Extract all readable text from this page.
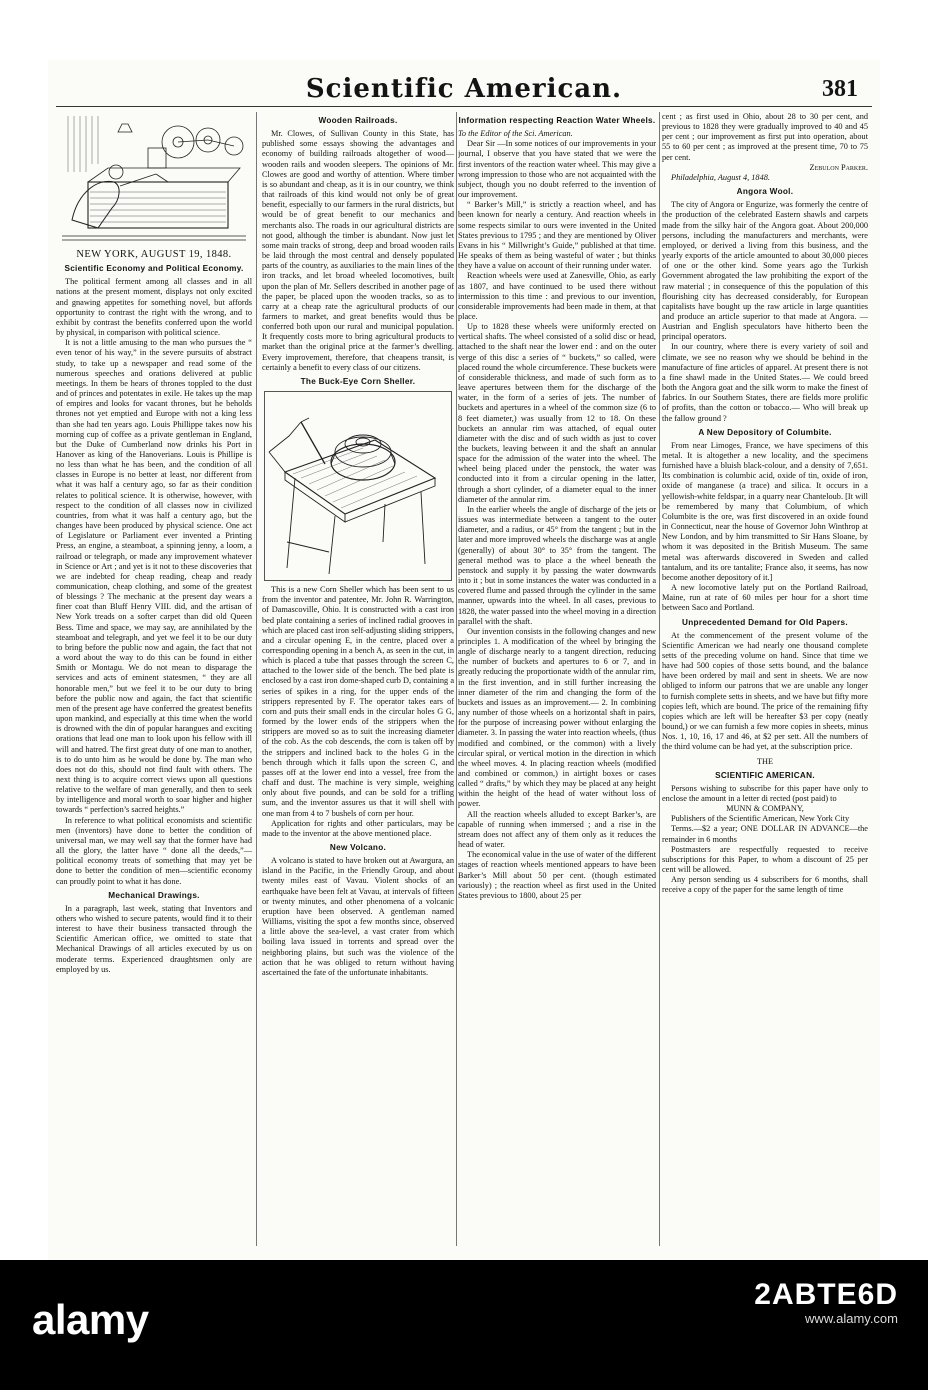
Scientific American.	381
NEW YORK, AUGUST 19, 1848.
Scientific Economy and Political Economy.

The political ferment among all classes and in all nations at the present moment, displays not only excited and gnawing appetites for something novel, but affords opportunity to contrast the right with the wrong, and to exhibit by contrast the benefits conferred upon the world by physical, in comparison with political science.

It is not a little amusing to the man who pursues the “ even tenor of his way,” in the severe pursuits of abstract study, to take up a newspaper and read some of the numerous speeches and orations delivered at public meetings. In them be hears of thrones toppled to the dust and of princes and potentates in exile. He takes up the map of empires and looks for vacant thrones, but he beholds thrones not yet emptied and Europe with not a king less than she had ten years ago. Louis Phillippe takes now his morning cup of coffee as a private gentleman in England, but the Duke of Cumberland now drinks his Port in Hanover as king of the Hanoverians. Louis is Phillipe is no less than what he has been, and the condition of all classes in Europe is no better at least, nor different from what it was half a century ago, so far as their condition relates to political science. It is otherwise, however, with respect to the condition of all classes now in civilized countries, from what it was half a century ago, but the changes have been produced by physical science. One act of Legislature or Parliament ever invented a Printing Press, an engine, a steamboat, a spinning jenny, a loom, a railroad or telegraph, or made any improvement whatever in Science or Art ; and yet is it not to these discoveries that we are indebted for cheap reading, cheap and ready communication, cheap clothing, and some of the greatest of blessings ? The mechanic at the present day wears a finer coat than Bluff Henry VIII. did, and the artisan of New York treads on a softer carpet than did old Queen Bess. Time and space, we may say, are annihilated by the steamboat and telegraph, and yet we feel it to be our duty to bring before the public now and again, the fact that not a word about the way to do this can be found in either Smith or Montagu. We do not mean to disparage the services and acts of eminent statesmen, “ they are all honorable men,” but we feel it to be our duty to bring before the public now and again, the fact that scientific men of the present age have conferred the greatest benefits upon mankind, and especially at this time when the world is drowned with the din of popular harangues and exciting orations that lead one man to look upon his fellow with ill will and hatred. The first great duty of one man to another, is to do unto him as he would be done by. The man who does not do this, should not find fault with others. The next thing is to acquire correct views upon all questions relative to the welfare of man generally, and then to seek by intelligence and moral worth to soar higher and higher towards “ perfection’s sacred heights.”

In reference to what political economists and scientific men (inventors) have done to better the condition of universal man, we may well say that the former have had all the glory, the latter have “ done all the deeds,”—political economy treats of something that may yet be done to better the condition of men—scientific economy can proudly point to what it has done.

Mechanical Drawings.

In a paragraph, last week, stating that Inventors and others who wished to secure patents, would find it to their interest to have their business transacted through the Scientific American office, we omitted to state that Mechanical Drawings of all articles executed by us on moderate terms. Experienced draughtsmen only are employed by us.

Wooden Railroads.

Mr. Clowes, of Sullivan County in this State, has published some essays showing the advantages and economy of building railroads altogether of wood—wooden rails and wooden sleepers. The opinions of Mr. Clowes are good and worthy of attention. Where timber is so abundant and cheap, as it is in our country, we think that railroads of this kind would not only be of great benefit, especially to our farmers in the rural districts, but would be of great benefit to our mechanics and merchants also. The roads in our agricultural districts are not good, although the timber is abundant. Now just let some main tracks of strong, deep and broad wooden rails be laid through the most central and densely populated parts of the country, as auxiliaries to the main lines of the iron tracks, and let broad wheeled locomotives, built upon the plan of Mr. Sellers described in another page of the paper, be placed upon the wooden tracks, so as to carry at a cheap rate the agricultural products of our farmers to market, and great benefits would thus be conferred both upon our rural and municipal population. It frequently costs more to bring agricultural products to market than the original price at the farmer’s dwelling. Every improvement, therefore, that cheapens transit, is certainly a benefit to every class of our citizens.

The Buck-Eye Corn Sheller.

This is a new Corn Sheller which has been sent to us from the inventor and patentee, Mr. John R. Warrington, of Damascoville, Ohio. It is constructed with a cast iron bed plate containing a series of inclined radial grooves in which are placed cast iron self-adjusting sliding strippers, and a circular opening E, in the centre, placed over a corresponding opening in a bench A, as seen in the cut, in which is placed a tube that passes through the screen C, attached to the lower side of the bench. The bed plate is enclosed by a cast iron dome-shaped curb D, containing a series of spikes in a ring, for the upper ends of the strippers represented by F. The operator takes ears of corn and puts their small ends in the circular holes G G, formed by the lower ends of the strippers when the strippers are moved so as to suit the increasing diameter of the cob. As the cob descends, the corn is taken off by the strippers and inclined back to the holes G in the bench through which it falls upon the screen C, and passes off at the lower end into a vessel, free from the chaff and dust. The machine is very simple, weighing only about five pounds, and can be sold for a trifling sum, and the inventor assures us that it will shell with one man from 4 to 7 bushels of corn per hour.

Application for rights and other particulars, may be made to the inventor at the above mentioned place.

New Volcano.

A volcano is stated to have broken out at Awargura, an island in the Pacific, in the Friendly Group, and about twenty miles east of Vavau. Violent shocks of an earthquake have been felt at Vavau, at intervals of fifteen or twenty minutes, and other phenomena of a volcanic eruption have been observed. A gentleman named Williams, visiting the spot a few months since, observed a little above the sea-level, a vast crater from which boiling lava issued in torrents and spread over the neighboring plains, but such was the violence of the action that he was obliged to return without having ascertained the fate of the unfortunate inhabitants.

Information respecting Reaction Water Wheels.

To the Editor of the Sci. American.

Dear Sir —In some notices of our improvements in your journal, I observe that you have stated that we were the first inventors of the reaction water wheel. This may give a wrong impression to those who are not acquainted with the subject, though you no doubt referred to the invention of our improvement.

“ Barker’s Mill,” is strictly a reaction wheel, and has been known for nearly a century. And reaction wheels in some respects similar to ours were invented in the United States previous to 1795 ; and they are mentioned by Oliver Evans in his “ Millwright’s Guide,” published at that time. He speaks of them as being wasteful of water ; but thinks they have a value on account of their running under water.

Reaction wheels were used at Zanesville, Ohio, as early as 1807, and have continued to be used there without intermission to this time : and previous to our invention, considerable improvements had been made in them, at that place.

Up to 1828 these wheels were uniformly erected on vertical shafts. The wheel consisted of a solid disc or head, attached to the shaft near the lower end : and on the outer verge of this disc a series of “ buckets,” so called, were placed round the whole circumference. These buckets were of considerable thickness, and made of such form as to leave apertures between them for the discharge of the water, in the form of a series of jets. The number of buckets and apertures in a wheel of the common size (6 to 8 feet diameter,) was usually from 12 to 18. On these buckets an annular rim was attached, of equal outer diameter with the disc and of such width as just to cover the buckets, leaving between it and the shaft an annular space for the admission of the water into the wheel. The wheel being placed under the penstock, the water was conducted into it from a circular opening in the latter, through a short cylinder, of a diameter equal to the inner diameter of the annular rim.

In the earlier wheels the angle of discharge of the jets or issues was intermediate between a tangent to the outer diameter, and a radius, or 45° from the tangent ; but in the later and more improved wheels the discharge was at angle (generally) of about 30° to 35° from the tangent. The general method was to place a the wheel beneath the penstock and supply it by passing the water downwards into it ; but in some instances the water was conducted in a covered flume and passed through the cylinder in the same manner, upwards into the wheel. In all cases, previous to 1828, the water passed into the wheel moving in a direction parallel with the shaft.

Our invention consists in the following changes and new principles 1. A modification of the wheel by bringing the angle of discharge nearly to a tangent direction, reducing the number of buckets and apertures to 6 or 7, and in greatly reducing the proportionate width of the annular rim, in the first invention, and in still further increasing the inner diameter of the rim and changing the form of the buckets and issues as an improvement.— 2. In combining any number of those wheels on a horizontal shaft in pairs, for the purpose of increasing power without enlarging the diameter. 3. In passing the water into reaction wheels, (thus modified and combined, or the common) with a lively circular spiral, or vertical motion in the direction in which the wheel moves. 4. In placing reaction wheels (modified and combined or common,) in airtight boxes or cases called “ drafts,” by which they may be placed at any height within the height of the head of water without loss of power.

All the reaction wheels alluded to except Barker’s, are capable of running when immersed ; and a rise in the stream does not affect any of them only as it reduces the head of water.

The economical value in the use of water of the different stages of reaction wheels mentioned appears to have been Barker’s Mill about 50 per cent. (though estimated variously) ; the reaction wheel as first used in the United States previous to 1800, about 25 per

cent ; as first used in Ohio, about 28 to 30 per cent, and previous to 1828 they were gradually improved to 40 and 45 per cent ; our improvement as first put into operation, about 55 to 60 per cent ; as improved at the present time, 70 to 75 per cent.

Zebulon Parker.

Philadelphia, August 4, 1848.

Angora Wool.

The city of Angora or Engurize, was formerly the centre of the production of the celebrated Eastern shawls and carpets made from the silky hair of the Angora goat. About 200,000 persons, including the manufacturers and merchants, were employed, or derived a living from this business, and the yearly exports of the article amounted to about 30,000 pieces of one or the other kind. Some years ago the Turkish Government abrogated the law prohibiting the export of the raw material ; in consequence of this the population of this flourishing city has decreased considerably, for European capitalists have bought up the raw article in large quantities and produce an article superior to that made at Angora. —Austrian and English speculators have hitherto been the principal operators.

In our country, where there is every variety of soil and climate, we see no reason why we should be behind in the manufacture of fine articles of apparel. At present there is not a fine shawl made in the United States.— We could breed both the Angora goat and the silk worm to make the finest of fabrics. In our Southern States, there are fields more prolific of profits, than the cotton or tobacco.— Who will break up the fallow ground ?

A New Depository of Columbite.

From near Limoges, France, we have specimens of this metal. It is altogether a new locality, and the specimens furnished have a bluish black-colour, and a density of 7,651. Its combination is columbic acid, oxide of tin, oxide of iron, oxide of manganese (a trace) and silica. It occurs in a yellowish-white feldspar, in a quarry near Chanteloub. [It will be remembered by many that Columbium, of which Columbite is the ore, was first discovered in an oxide found in Connecticut, near the house of Governor John Winthrop at New London, and by him transmitted to Sir Hans Sloane, by whom it was deposited in the British Museum. The same metal was afterwards discovered in Sweden and called tantalum, and its ore tantalite; France also, it seems, has now become another depository of it.]

A new locomotive lately put on the Portland Railroad, Maine, run at rate of 60 miles per hour for a short time between Saco and Portland.

Unprecedented Demand for Old Papers.

At the commencement of the present volume of the Scientific American we had nearly one thousand complete setts of the preceding volume on hand. Since that time we have had 500 copies of those setts bound, and the balance have been ordered by mail and sent in sheets. We are now obliged to inform our patrons that we are unable any longer to furnish complete setts in sheets, and we have but fifty more copies left, which are bound. The price of the remaining fifty copies which are left will be hereafter $3 per copy (neatly bound,) or we can furnish a few more copies in sheets, minus Nos. 1, 10, 16, 17 and 46, at $2 per sett. All the numbers of the third volume can be had yet, at the subscription price.

THE

SCIENTIFIC AMERICAN.

Persons wishing to subscribe for this paper have only to enclose the amount in a letter di rected (post paid) to

MUNN & COMPANY,

Publishers of the Scientific American, New York City

Terms.—$2 a year; ONE DOLLAR IN ADVANCE—the remainder in 6 months

Postmasters are respectfully requested to receive subscriptions for this Paper, to whom a discount of 25 per cent will be allowed.

Any person sending us 4 subscribers for 6 months, shall receive a copy of the paper for the same length of time

alamy
2ABTE6D
www.alamy.com
